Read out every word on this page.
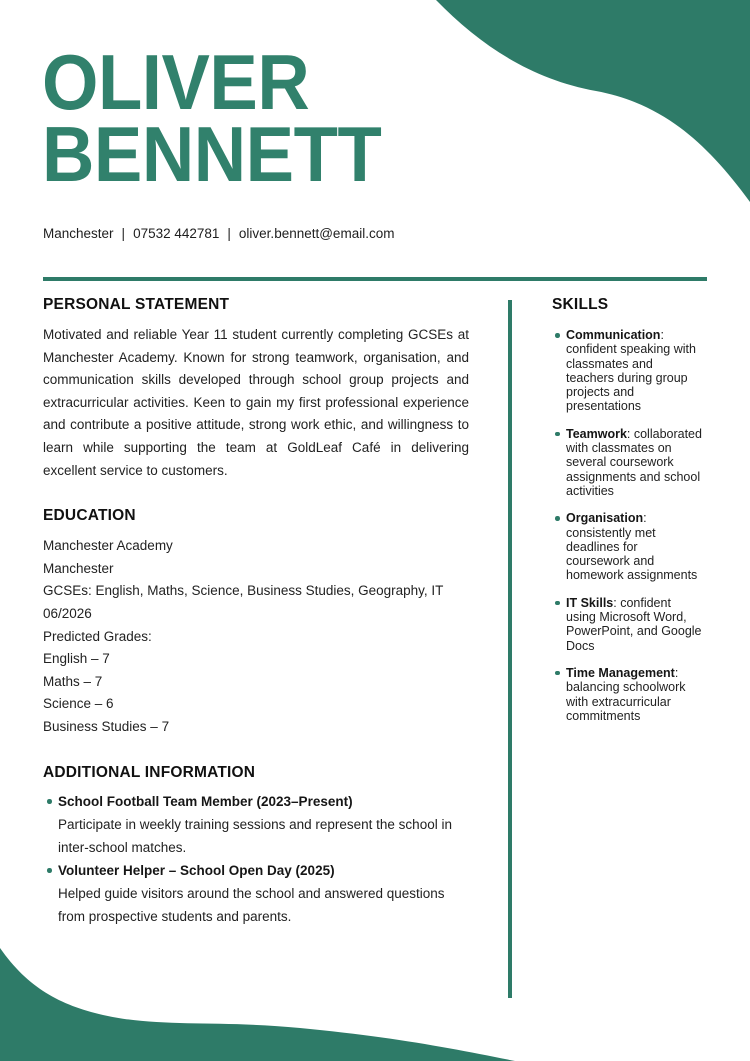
OLIVER
BENNETT
Manchester | 07532 442781 | oliver.bennett@email.com
PERSONAL STATEMENT

Motivated and reliable Year 11 student currently completing GCSEs at Manchester Academy. Known for strong teamwork, organisation, and communication skills developed through school group projects and extracurricular activities. Keen to gain my first professional experience and contribute a positive attitude, strong work ethic, and willingness to learn while supporting the team at GoldLeaf Café in delivering excellent service to customers.

EDUCATION
Manchester Academy
Manchester
GCSEs: English, Maths, Science, Business Studies, Geography, IT
06/2026
Predicted Grades:
English – 7
Maths – 7
Science – 6
Business Studies – 7
ADDITIONAL INFORMATION
School Football Team Member (2023–Present)
Participate in weekly training sessions and represent the school in inter-school matches.
Volunteer Helper – School Open Day (2025)
Helped guide visitors around the school and answered questions from prospective students and parents.
SKILLS
Communication: confident speaking with classmates and teachers during group projects and presentations
Teamwork: collaborated with classmates on several coursework assignments and school activities
Organisation: consistently met deadlines for coursework and homework assignments
IT Skills: confident using Microsoft Word, PowerPoint, and Google Docs
Time Management: balancing schoolwork with extracurricular commitments
